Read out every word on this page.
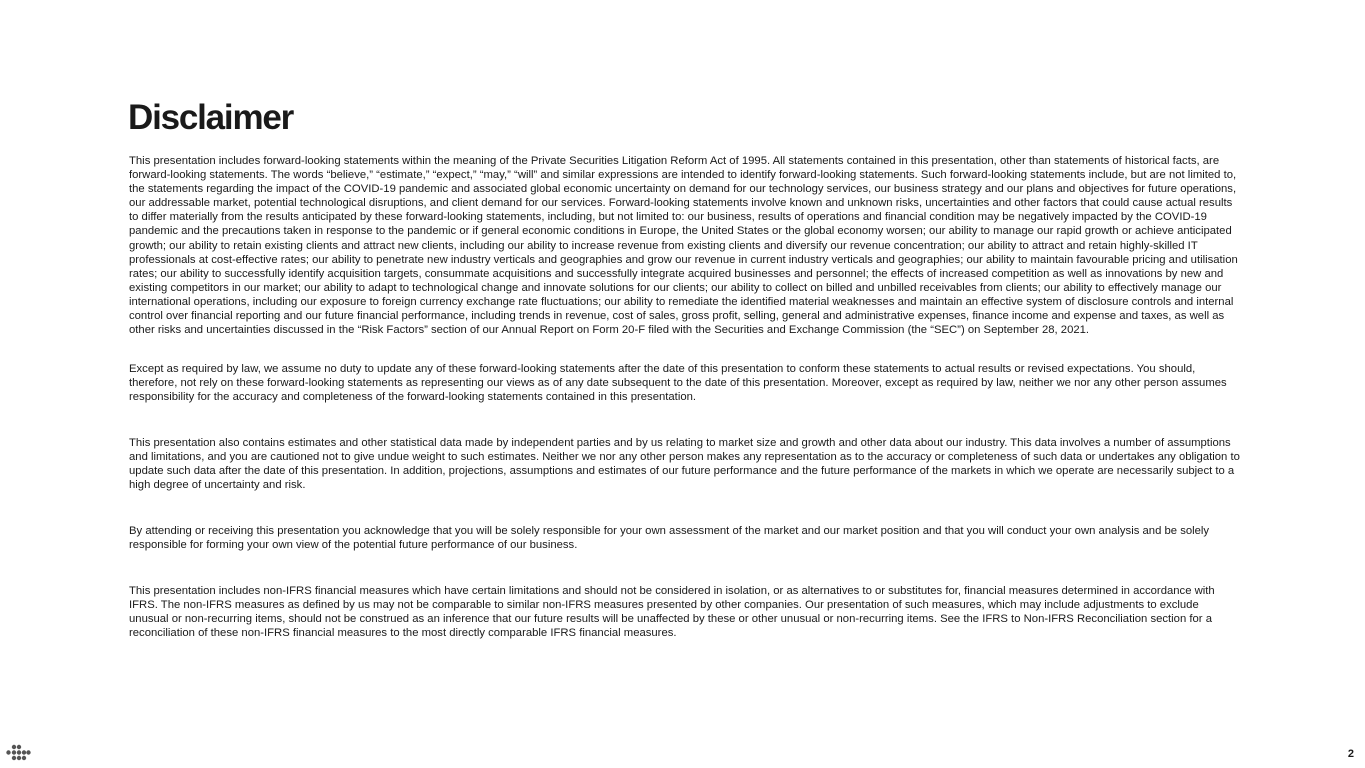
Disclaimer

This presentation includes forward-looking statements within the meaning of the Private Securities Litigation Reform Act of 1995. All statements contained in this presentation, other than statements of historical facts, are forward-looking statements. The words “believe,” “estimate,” “expect,” “may,” “will” and similar expressions are intended to identify forward-looking statements. Such forward-looking statements include, but are not limited to, the statements regarding the impact of the COVID-19 pandemic and associated global economic uncertainty on demand for our technology services, our business strategy and our plans and objectives for future operations, our addressable market, potential technological disruptions, and client demand for our services. Forward-looking statements involve known and unknown risks, uncertainties and other factors that could cause actual results to differ materially from the results anticipated by these forward-looking statements, including, but not limited to: our business, results of operations and financial condition may be negatively impacted by the COVID-19 pandemic and the precautions taken in response to the pandemic or if general economic conditions in Europe, the United States or the global economy worsen; our ability to manage our rapid growth or achieve anticipated growth; our ability to retain existing clients and attract new clients, including our ability to increase revenue from existing clients and diversify our revenue concentration; our ability to attract and retain highly-skilled IT professionals at cost-effective rates; our ability to penetrate new industry verticals and geographies and grow our revenue in current industry verticals and geographies; our ability to maintain favourable pricing and utilisation rates; our ability to successfully identify acquisition targets, consummate acquisitions and successfully integrate acquired businesses and personnel; the effects of increased competition as well as innovations by new and existing competitors in our market; our ability to adapt to technological change and innovate solutions for our clients; our ability to collect on billed and unbilled receivables from clients; our ability to effectively manage our international operations, including our exposure to foreign currency exchange rate fluctuations; our ability to remediate the identified material weaknesses and maintain an effective system of disclosure controls and internal control over financial reporting and our future financial performance, including trends in revenue, cost of sales, gross profit, selling, general and administrative expenses, finance income and expense and taxes, as well as other risks and uncertainties discussed in the “Risk Factors” section of our Annual Report on Form 20-F filed with the Securities and Exchange Commission (the “SEC”) on September 28, 2021.

Except as required by law, we assume no duty to update any of these forward-looking statements after the date of this presentation to conform these statements to actual results or revised expectations. You should, therefore, not rely on these forward-looking statements as representing our views as of any date subsequent to the date of this presentation. Moreover, except as required by law, neither we nor any other person assumes responsibility for the accuracy and completeness of the forward-looking statements contained in this presentation.

This presentation also contains estimates and other statistical data made by independent parties and by us relating to market size and growth and other data about our industry. This data involves a number of assumptions and limitations, and you are cautioned not to give undue weight to such estimates. Neither we nor any other person makes any representation as to the accuracy or completeness of such data or undertakes any obligation to update such data after the date of this presentation. In addition, projections, assumptions and estimates of our future performance and the future performance of the markets in which we operate are necessarily subject to a high degree of uncertainty and risk.

By attending or receiving this presentation you acknowledge that you will be solely responsible for your own assessment of the market and our market position and that you will conduct your own analysis and be solely responsible for forming your own view of the potential future performance of our business.

This presentation includes non-IFRS financial measures which have certain limitations and should not be considered in isolation, or as alternatives to or substitutes for, financial measures determined in accordance with IFRS. The non-IFRS measures as defined by us may not be comparable to similar non-IFRS measures presented by other companies. Our presentation of such measures, which may include adjustments to exclude unusual or non-recurring items, should not be construed as an inference that our future results will be unaffected by these or other unusual or non-recurring items. See the IFRS to Non-IFRS Reconciliation section for a reconciliation of these non-IFRS financial measures to the most directly comparable IFRS financial measures.

2
